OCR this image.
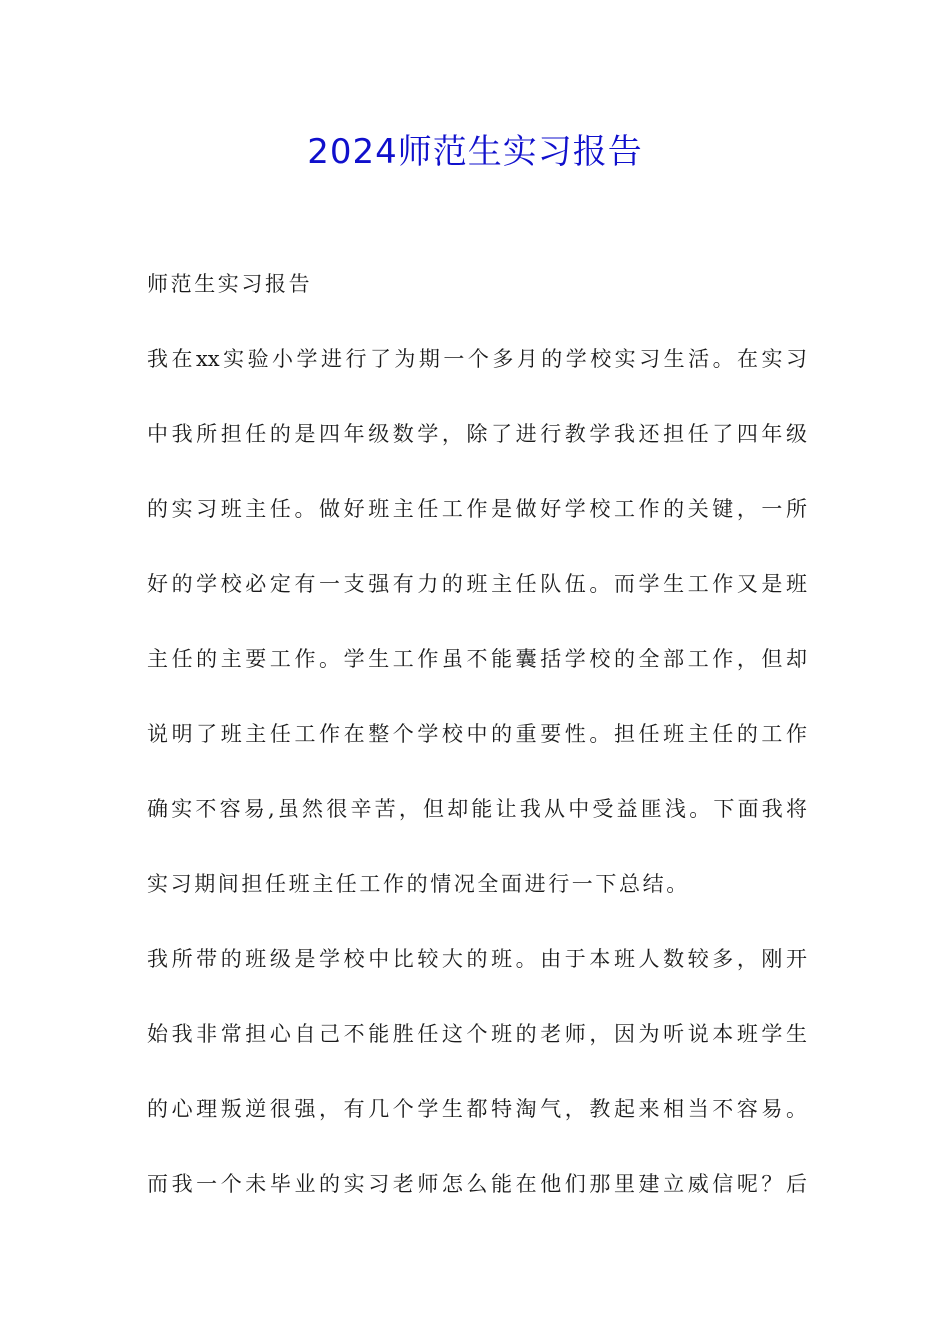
2024师范生实习报告
师范生实习报告
我在xx实验小学进行了为期一个多月的学校实习生活。在实习
中我所担任的是四年级数学，除了进行教学我还担任了四年级
的实习班主任。做好班主任工作是做好学校工作的关键，一所
好的学校必定有一支强有力的班主任队伍。而学生工作又是班
主任的主要工作。学生工作虽不能囊括学校的全部工作，但却
说明了班主任工作在整个学校中的重要性。担任班主任的工作
确实不容易,虽然很辛苦，但却能让我从中受益匪浅。下面我将
实习期间担任班主任工作的情况全面进行一下总结。
我所带的班级是学校中比较大的班。由于本班人数较多，刚开
始我非常担心自己不能胜任这个班的老师，因为听说本班学生
的心理叛逆很强，有几个学生都特淘气，教起来相当不容易。
而我一个未毕业的实习老师怎么能在他们那里建立威信呢？后
